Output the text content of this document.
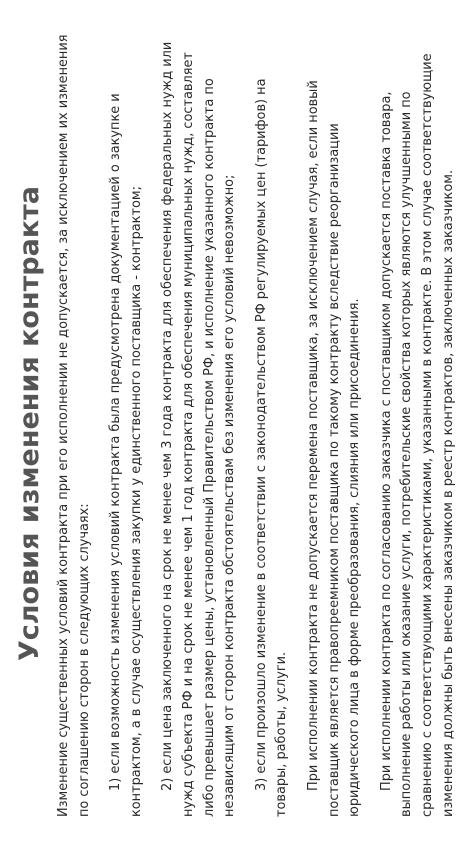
Условия изменения контракта Изменение существенных условий контракта при его исполнении не допускается, за исключением их изменения по соглашению сторон в следующих случаях: 1) если возможность изменения условий контракта была предусмотрена документацией о закупке и контрактом, а в случае осуществления закупки у единственного поставщика - контрактом; 2) если цена заключенного на срок не менее чем 3 года контракта для обеспечения федеральных нужд или нужд субъекта РФ и на срок не менее чем 1 год контракта для обеспечения муниципальных нужд, составляет либо превышает размер цены, установленный Правительством РФ, и исполнение указанного контракта по независящим от сторон контракта обстоятельствам без изменения его условий невозможно; 3) если произошло изменение в соответствии с законодательством РФ регулируемых цен (тарифов) на товары, работы, услуги. При исполнении контракта не допускается перемена поставщика, за исключением случая, если новый поставщик является правопреемником поставщика по такому контракту вследствие реорганизации юридического лица в форме преобразования, слияния или присоединения. При исполнении контракта по согласованию заказчика с поставщиком допускается поставка товара, выполнение работы или оказание услуги, потребительские свойства которых являются улучшенными по сравнению с соответствующими характеристиками, указанными в контракте. В этом случае соответствующие изменения должны быть внесены заказчиком в реестр контрактов, заключенных заказчиком.
